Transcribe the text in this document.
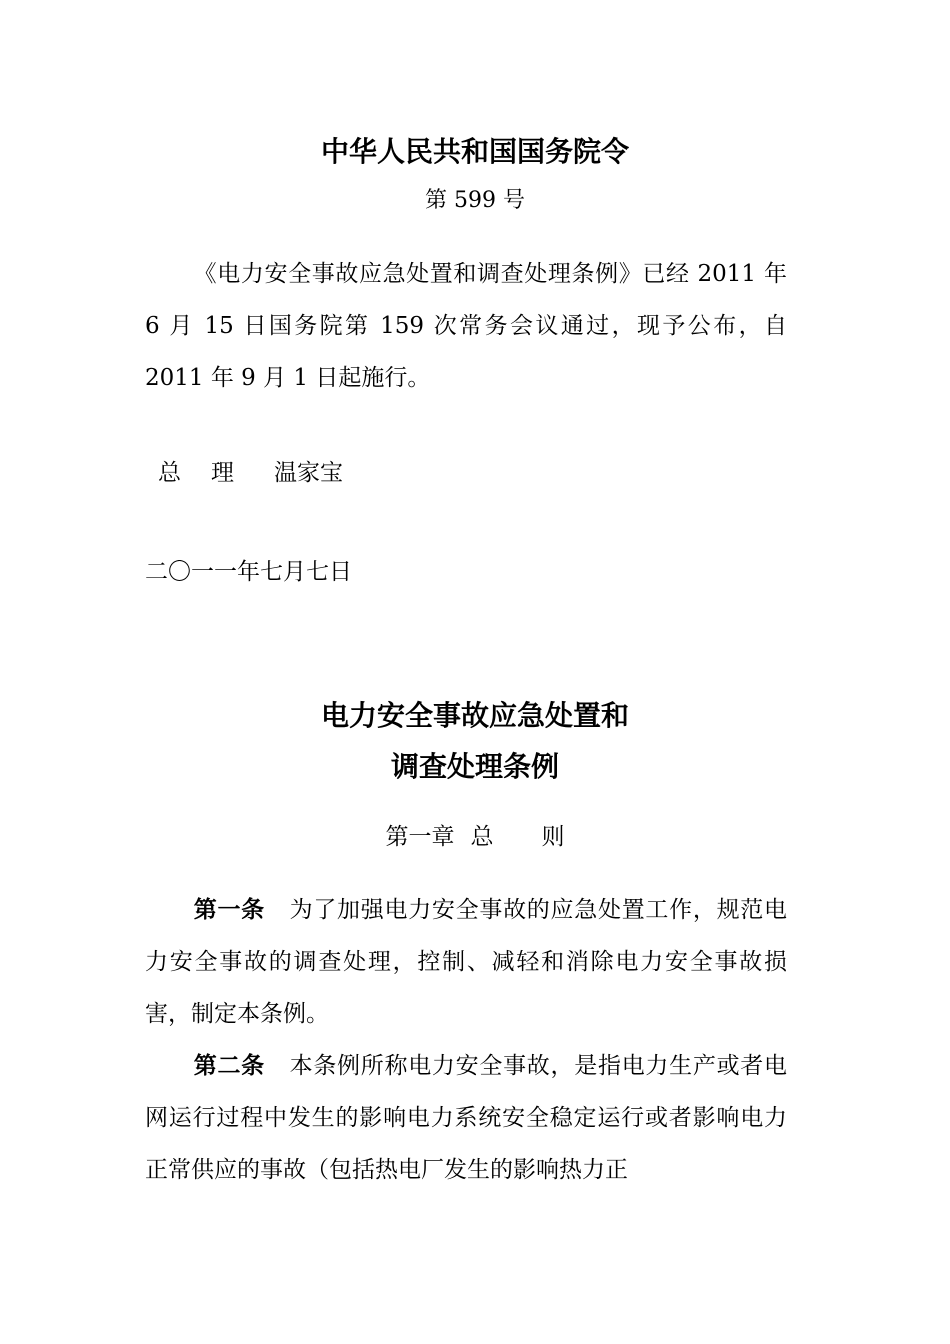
中华人民共和国国务院令
第 599 号

《电力安全事故应急处置和调查处理条例》已经 2011 年 6 月 15 日国务院第 159 次常务会议通过，现予公布，自 2011 年 9 月 1 日起施行。

总 理 温家宝
二〇一一年七月七日
电力安全事故应急处置和
调查处理条例
第一章 总 则

第一条 为了加强电力安全事故的应急处置工作，规范电力安全事故的调查处理，控制、减轻和消除电力安全事故损害，制定本条例。

第二条 本条例所称电力安全事故，是指电力生产或者电网运行过程中发生的影响电力系统安全稳定运行或者影响电力正常供应的事故（包括热电厂发生的影响热力正
